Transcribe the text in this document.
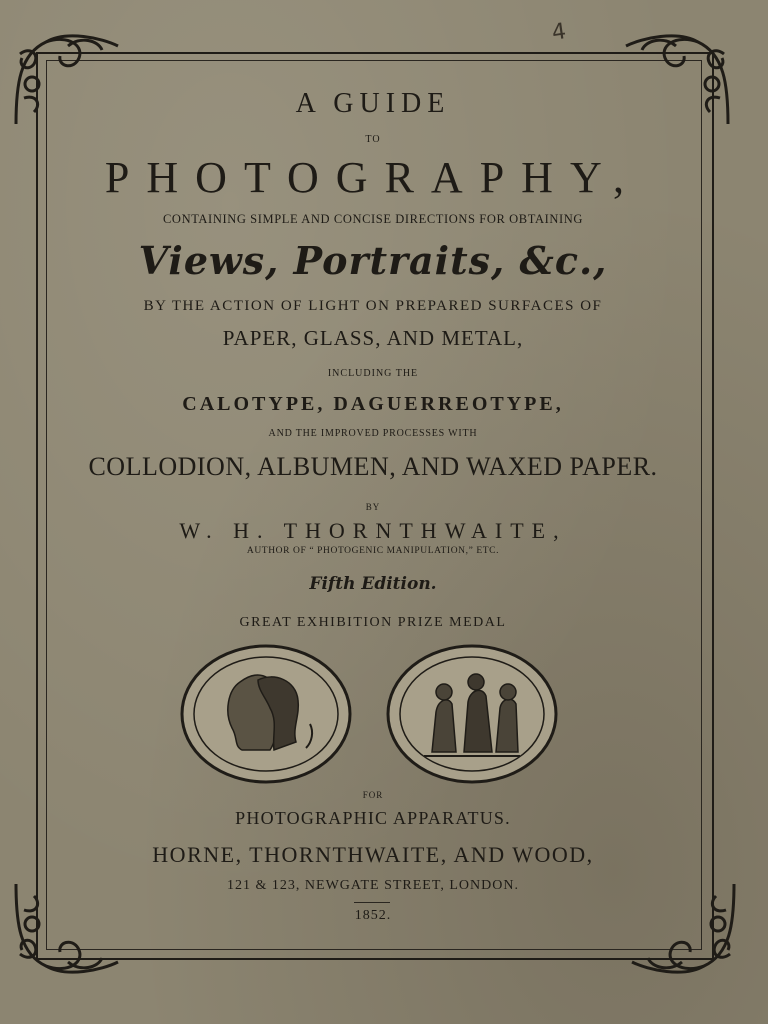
4
A GUIDE
TO
PHOTOGRAPHY,
CONTAINING SIMPLE AND CONCISE DIRECTIONS FOR OBTAINING
Views, Portraits, &c.,
BY THE ACTION OF LIGHT ON PREPARED SURFACES OF
PAPER, GLASS, AND METAL,
INCLUDING THE
CALOTYPE, DAGUERREOTYPE,
AND THE IMPROVED PROCESSES WITH
COLLODION, ALBUMEN, AND WAXED PAPER.
BY
W. H. THORNTHWAITE,
AUTHOR OF “ PHOTOGENIC MANIPULATION,” ETC.
Fifth Edition.
GREAT EXHIBITION PRIZE MEDAL
FOR
PHOTOGRAPHIC APPARATUS.
HORNE, THORNTHWAITE, AND WOOD,
121 & 123, NEWGATE STREET, LONDON.
1852.
